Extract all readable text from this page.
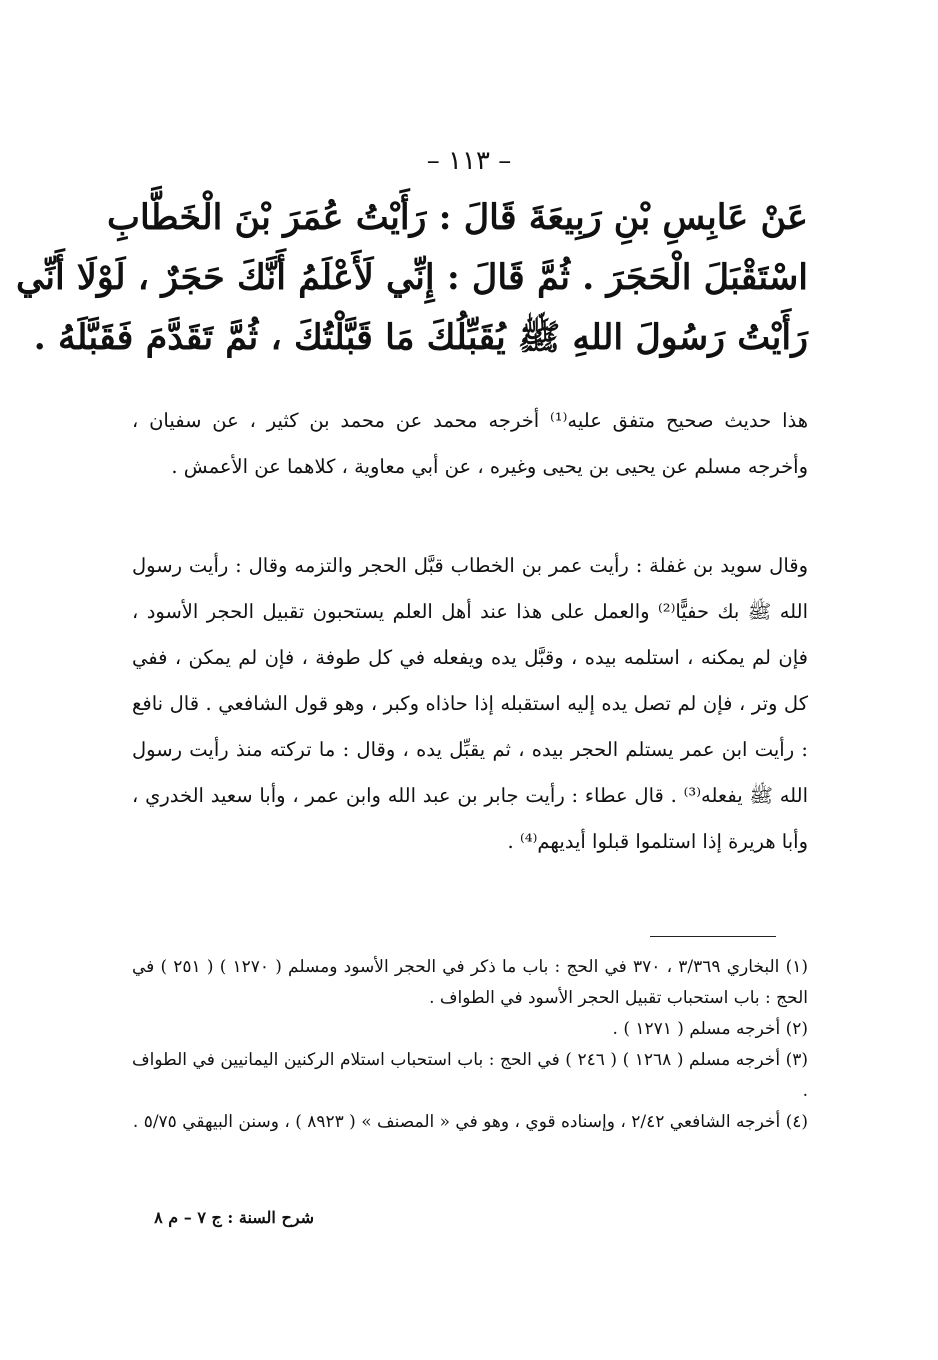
– ١١٣ –
عَنْ عَابِسِ بْنِ رَبِيعَةَ قَالَ : رَأَيْتُ عُمَرَ بْنَ الْخَطَّابِ
اسْتَقْبَلَ الْحَجَرَ . ثُمَّ قَالَ : إِنِّي لَأَعْلَمُ أَنَّكَ حَجَرٌ ، لَوْلَا أَنِّي
رَأَيْتُ رَسُولَ اللهِ ﷺ يُقَبِّلُكَ مَا قَبَّلْتُكَ ، ثُمَّ تَقَدَّمَ فَقَبَّلَهُ .
هذا حديث صحيح متفق عليه⁽¹⁾ أخرجه محمد عن محمد بن كثير ، عن سفيان ، وأخرجه مسلم عن يحيى بن يحيى وغيره ، عن أبي معاوية ، كلاهما عن الأعمش .
وقال سويد بن غفلة : رأيت عمر بن الخطاب قبَّل الحجر والتزمه وقال : رأيت رسول الله ﷺ بك حفيًّا⁽²⁾ والعمل على هذا عند أهل العلم يستحبون تقبيل الحجر الأسود ، فإن لم يمكنه ، استلمه بيده ، وقبَّل يده ويفعله في كل طوفة ، فإن لم يمكن ، ففي كل وتر ، فإن لم تصل يده إليه استقبله إذا حاذاه وكبر ، وهو قول الشافعي . قال نافع : رأيت ابن عمر يستلم الحجر بيده ، ثم يقبِّل يده ، وقال : ما تركته منذ رأيت رسول الله ﷺ يفعله⁽³⁾ . قال عطاء : رأيت جابر بن عبد الله وابن عمر ، وأبا سعيد الخدري ، وأبا هريرة إذا استلموا قبلوا أيديهم⁽⁴⁾ .
(١) البخاري ٣/٣٦٩ ، ٣٧٠ في الحج : باب ما ذكر في الحجر الأسود ومسلم ( ١٢٧٠ ) ( ٢٥١ ) في الحج : باب استحباب تقبيل الحجر الأسود في الطواف .
(٢) أخرجه مسلم ( ١٢٧١ ) .
(٣) أخرجه مسلم ( ١٢٦٨ ) ( ٢٤٦ ) في الحج : باب استحباب استلام الركنين اليمانيين في الطواف .
(٤) أخرجه الشافعي ٢/٤٢ ، وإسناده قوي ، وهو في « المصنف » ( ٨٩٢٣ ) ، وسنن البيهقي ٥/٧٥ .
شرح السنة : ج ٧ – م ٨
